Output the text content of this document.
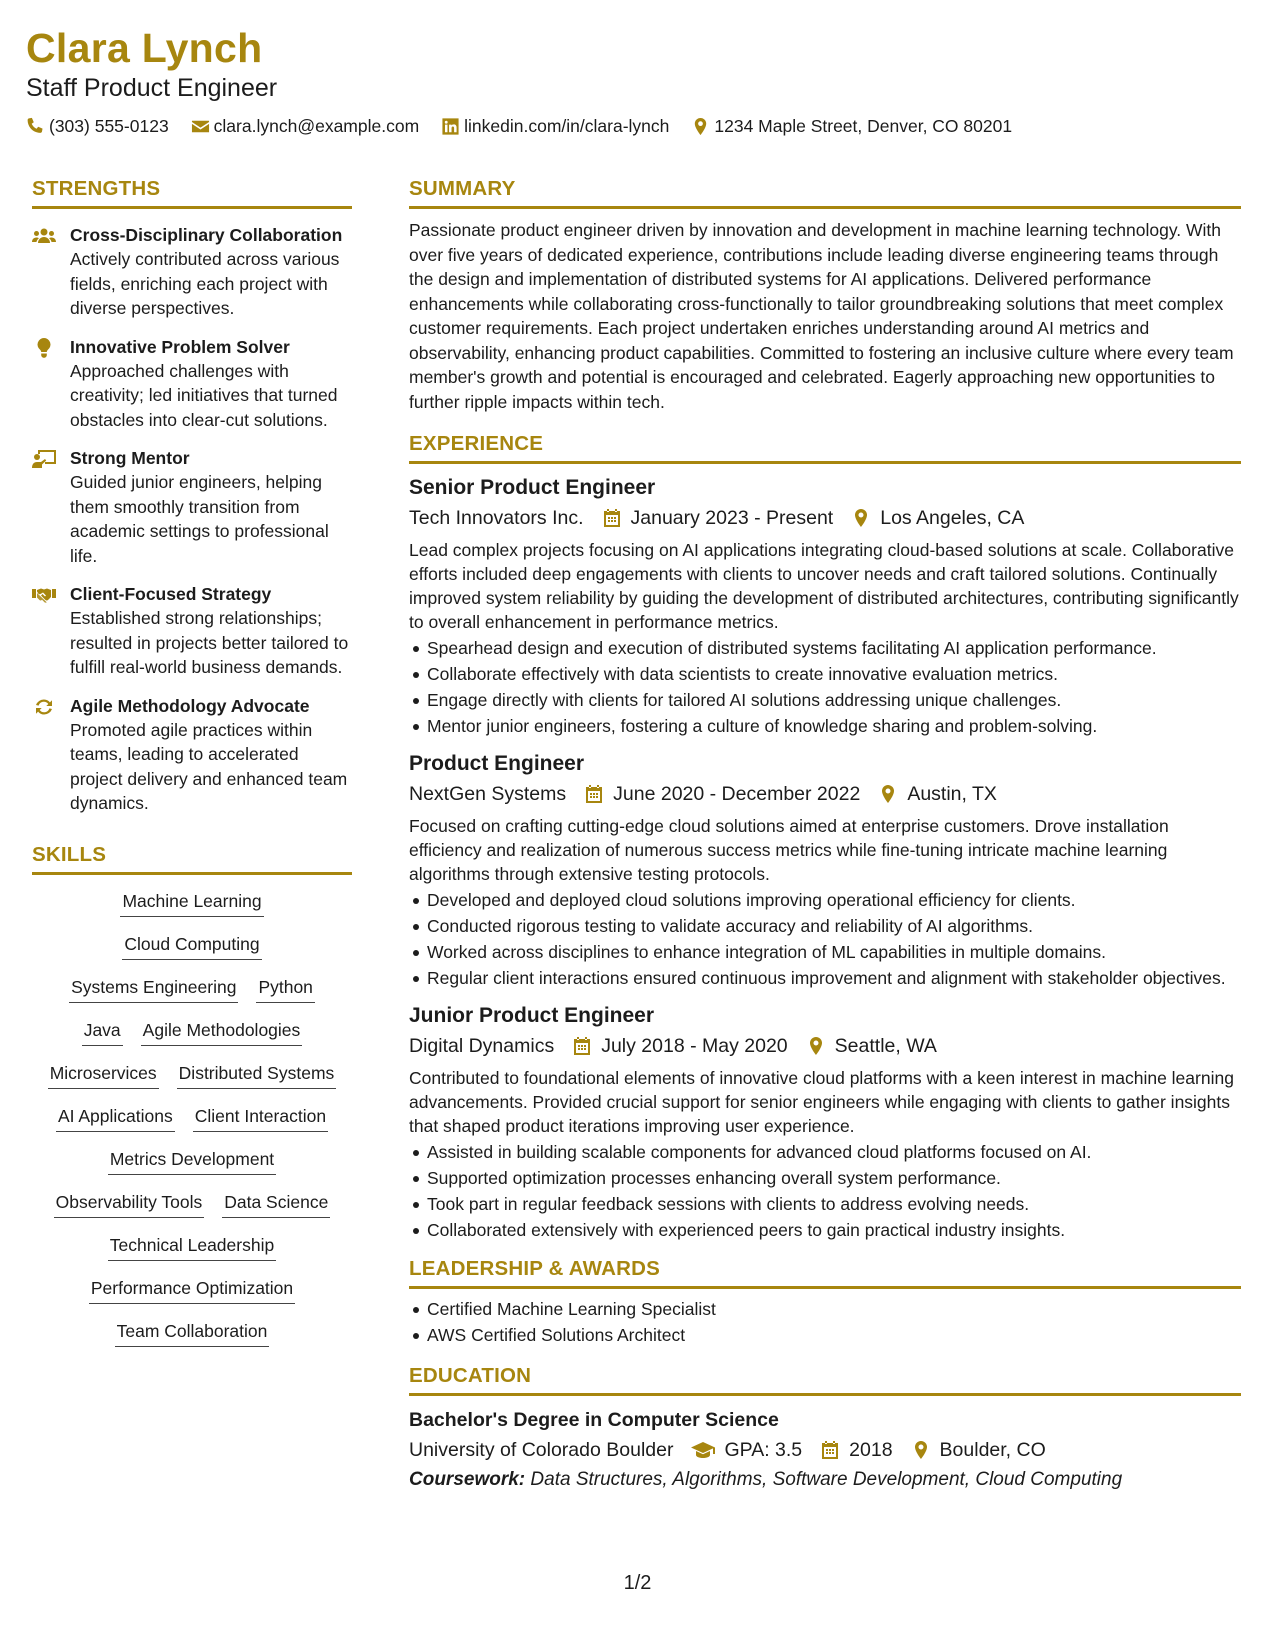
Clara Lynch
Staff Product Engineer
(303) 555-0123	clara.lynch@example.com	linkedin.com/in/clara-lynch	1234 Maple Street, Denver, CO 80201
STRENGTHS
Cross-Disciplinary Collaboration
Actively contributed across various fields, enriching each project with diverse perspectives.
Innovative Problem Solver
Approached challenges with creativity; led initiatives that turned obstacles into clear-cut solutions.
Strong Mentor
Guided junior engineers, helping them smoothly transition from academic settings to professional life.
Client-Focused Strategy
Established strong relationships; resulted in projects better tailored to fulfill real-world business demands.
Agile Methodology Advocate
Promoted agile practices within teams, leading to accelerated project delivery and enhanced team dynamics.
SKILLS
Machine Learning
Cloud Computing
Systems Engineering Python
Java Agile Methodologies
Microservices Distributed Systems
AI Applications Client Interaction
Metrics Development
Observability Tools Data Science
Technical Leadership
Performance Optimization
Team Collaboration
SUMMARY
Passionate product engineer driven by innovation and development in machine learning technology. With over five years of dedicated experience, contributions include leading diverse engineering teams through the design and implementation of distributed systems for AI applications. Delivered performance enhancements while collaborating cross-functionally to tailor groundbreaking solutions that meet complex customer requirements. Each project undertaken enriches understanding around AI metrics and observability, enhancing product capabilities. Committed to fostering an inclusive culture where every team member's growth and potential is encouraged and celebrated. Eagerly approaching new opportunities to further ripple impacts within tech.
EXPERIENCE
Senior Product Engineer
Tech Innovators Inc. January 2023 - Present Los Angeles, CA
Lead complex projects focusing on AI applications integrating cloud-based solutions at scale. Collaborative efforts included deep engagements with clients to uncover needs and craft tailored solutions. Continually improved system reliability by guiding the development of distributed architectures, contributing significantly to overall enhancement in performance metrics.
Spearhead design and execution of distributed systems facilitating AI application performance.
Collaborate effectively with data scientists to create innovative evaluation metrics.
Engage directly with clients for tailored AI solutions addressing unique challenges.
Mentor junior engineers, fostering a culture of knowledge sharing and problem-solving.
Product Engineer
NextGen Systems June 2020 - December 2022 Austin, TX
Focused on crafting cutting-edge cloud solutions aimed at enterprise customers. Drove installation efficiency and realization of numerous success metrics while fine-tuning intricate machine learning algorithms through extensive testing protocols.
Developed and deployed cloud solutions improving operational efficiency for clients.
Conducted rigorous testing to validate accuracy and reliability of AI algorithms.
Worked across disciplines to enhance integration of ML capabilities in multiple domains.
Regular client interactions ensured continuous improvement and alignment with stakeholder objectives.
Junior Product Engineer
Digital Dynamics July 2018 - May 2020 Seattle, WA
Contributed to foundational elements of innovative cloud platforms with a keen interest in machine learning advancements. Provided crucial support for senior engineers while engaging with clients to gather insights that shaped product iterations improving user experience.
Assisted in building scalable components for advanced cloud platforms focused on AI.
Supported optimization processes enhancing overall system performance.
Took part in regular feedback sessions with clients to address evolving needs.
Collaborated extensively with experienced peers to gain practical industry insights.
LEADERSHIP & AWARDS
Certified Machine Learning Specialist
AWS Certified Solutions Architect
EDUCATION
Bachelor's Degree in Computer Science
University of Colorado Boulder	GPA: 3.5 2018 Boulder, CO
Coursework: Data Structures, Algorithms, Software Development, Cloud Computing
1/2
